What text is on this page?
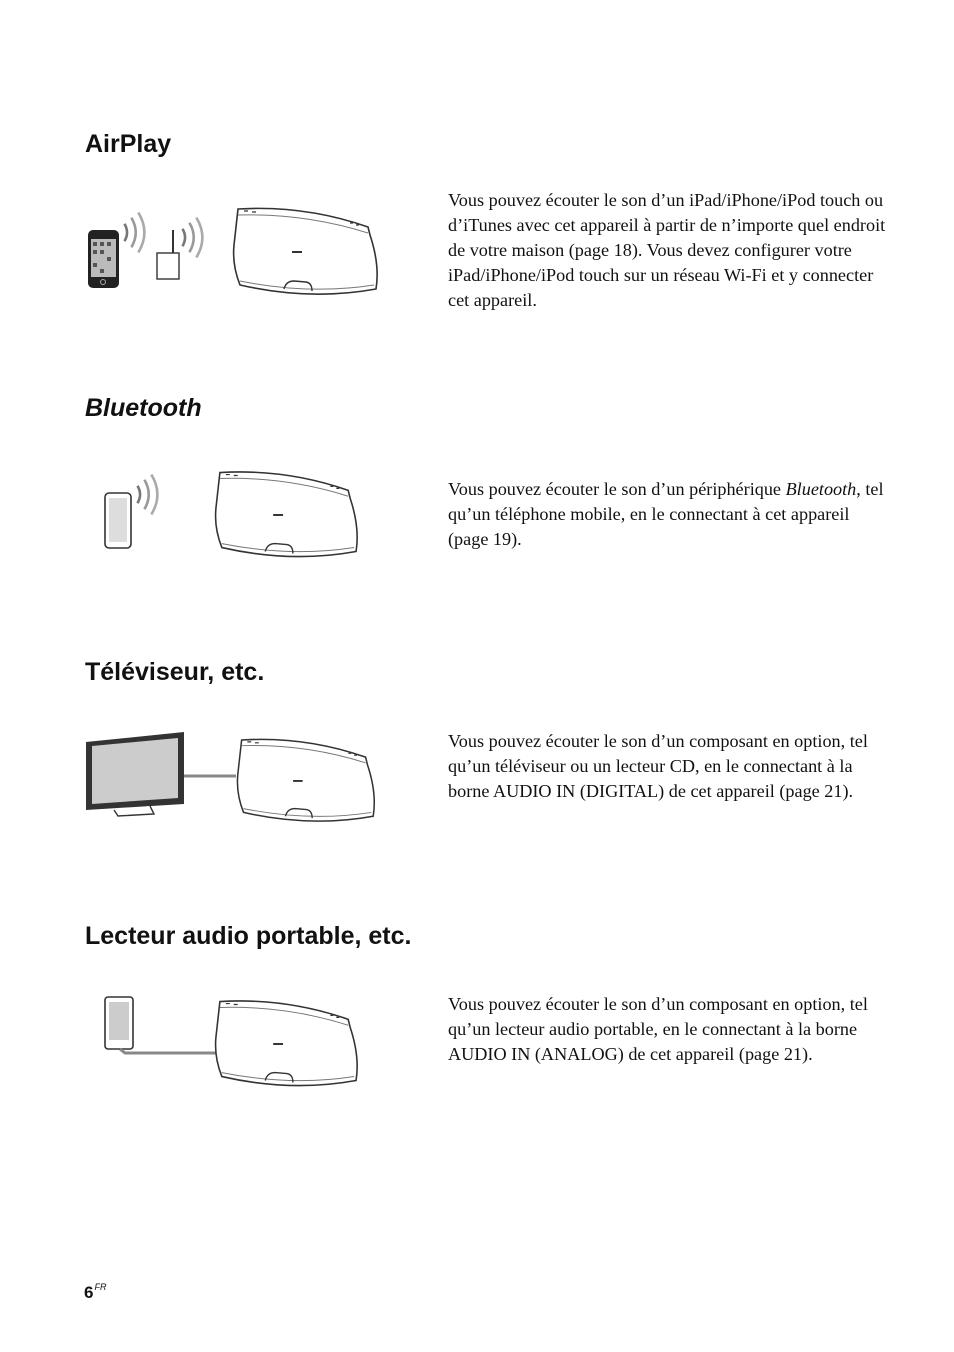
AirPlay

Vous pouvez écouter le son d’un iPad/iPhone/iPod touch ou d’iTunes avec cet appareil à partir de n’importe quel endroit de votre maison (page 18). Vous devez configurer votre iPad/iPhone/iPod touch sur un réseau Wi-Fi et y connecter cet appareil.

Bluetooth

Vous pouvez écouter le son d’un périphérique Bluetooth, tel qu’un téléphone mobile, en le connectant à cet appareil (page 19).

Téléviseur, etc.

Vous pouvez écouter le son d’un composant en option, tel qu’un téléviseur ou un lecteur CD, en le connectant à la borne AUDIO IN (DIGITAL) de cet appareil (page 21).

Lecteur audio portable, etc.

Vous pouvez écouter le son d’un composant en option, tel qu’un lecteur audio portable, en le connectant à la borne AUDIO IN (ANALOG) de cet appareil (page 21).

$6^{FR}$
